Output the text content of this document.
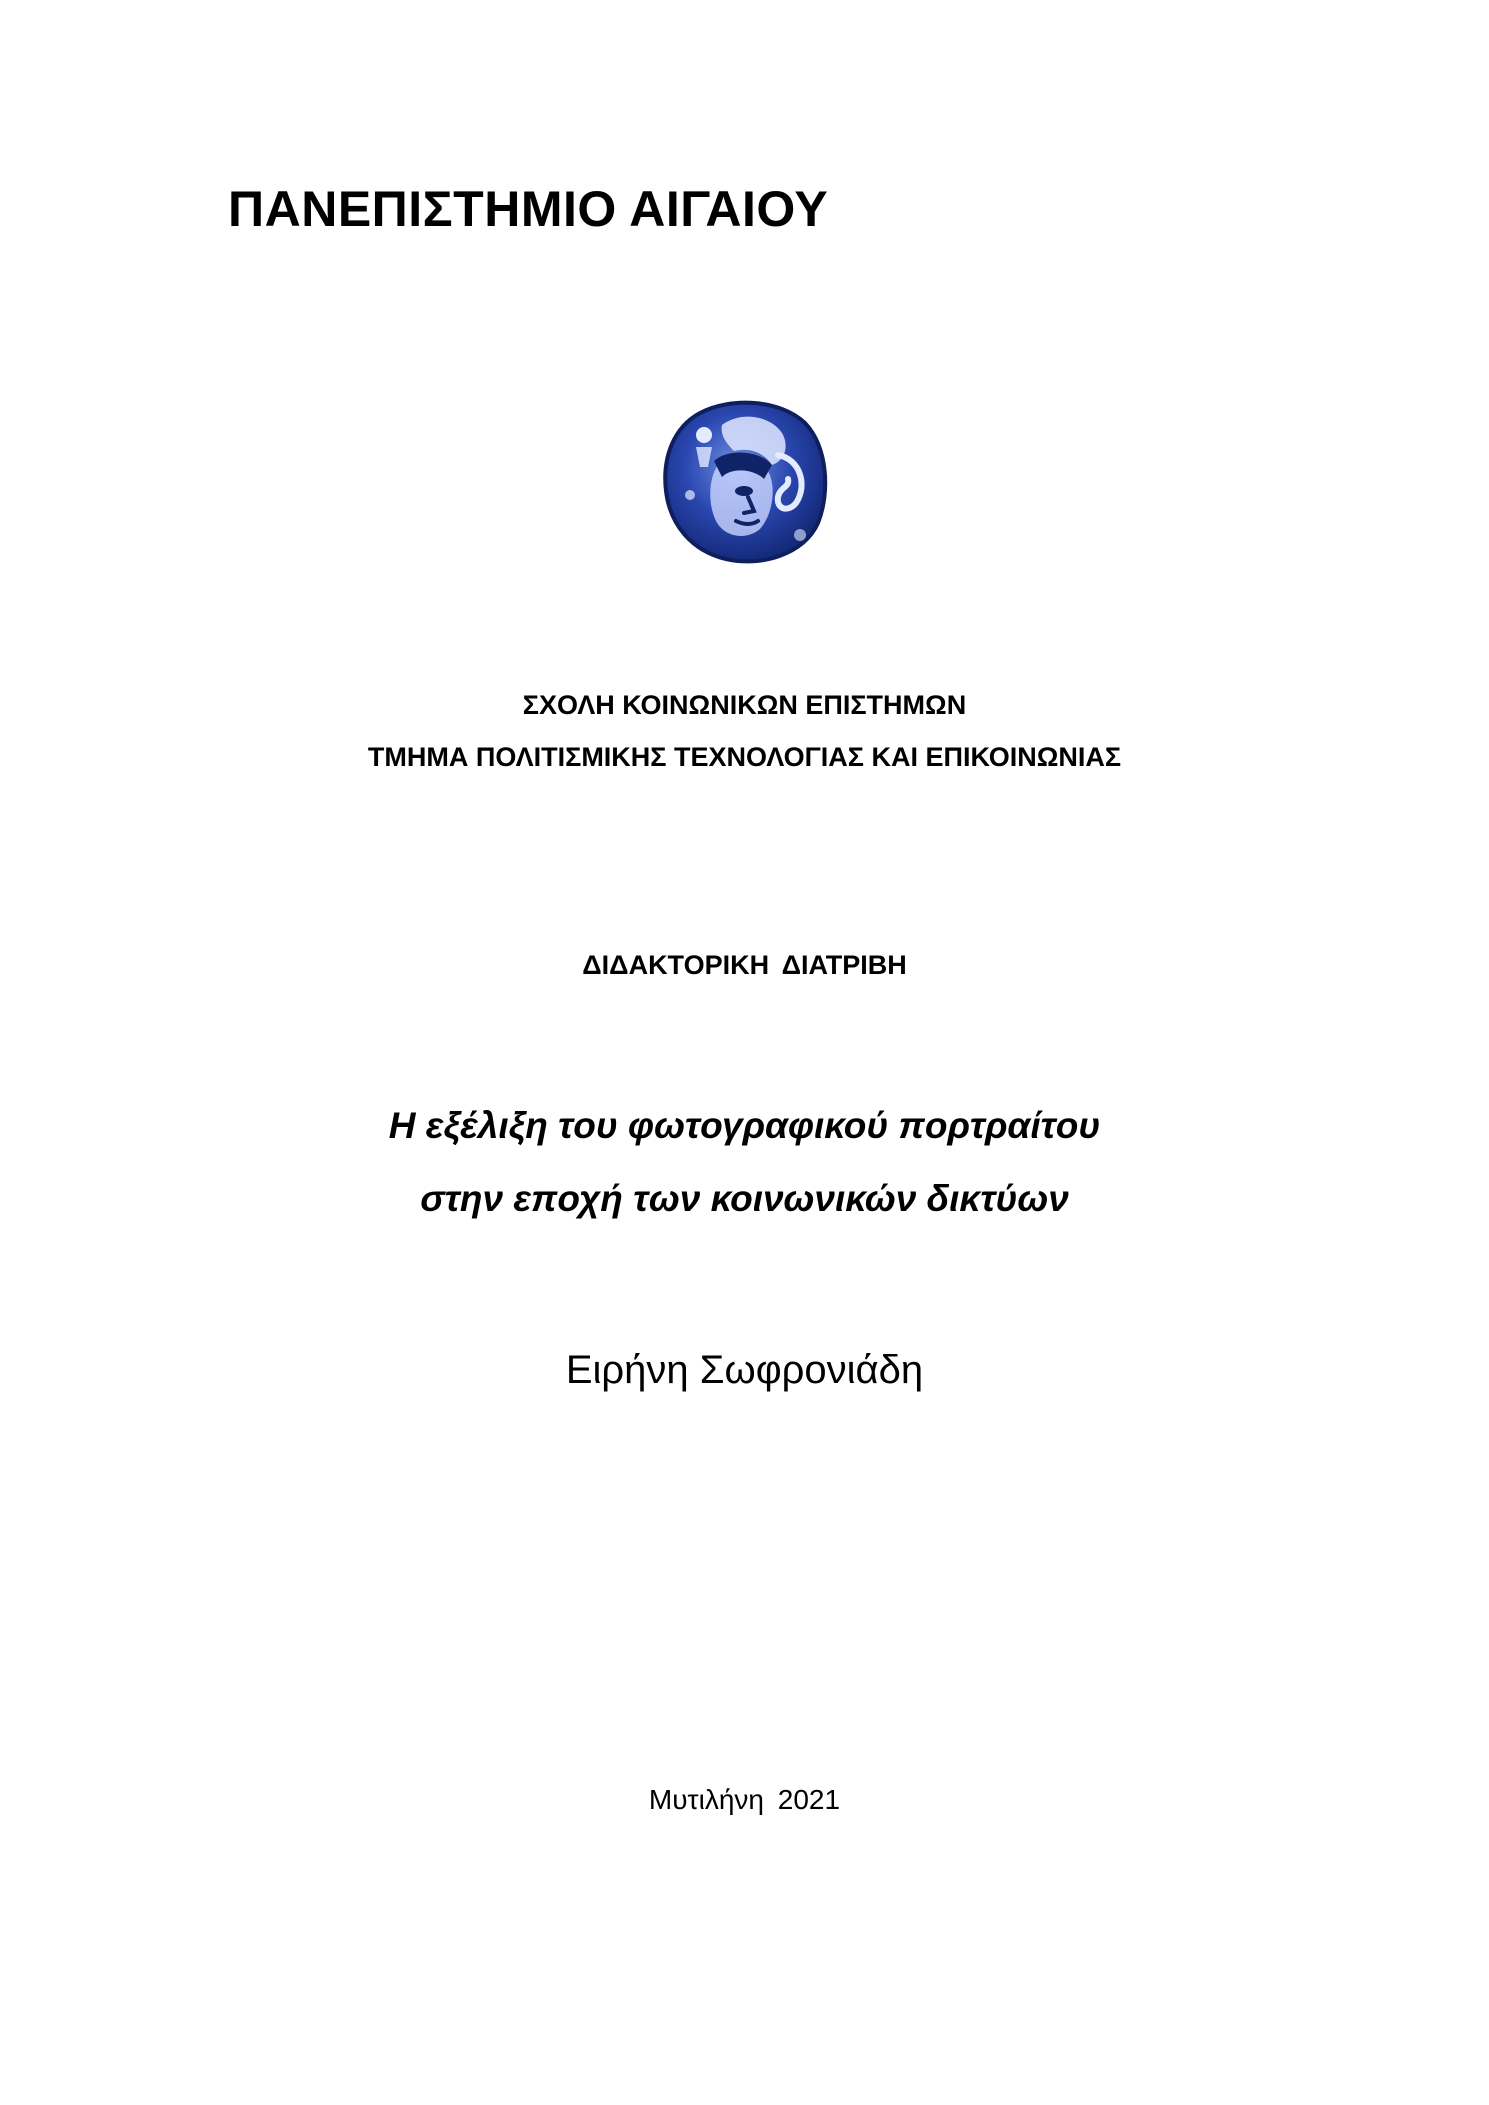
ΠΑΝΕΠΙΣΤΗΜΙΟ ΑΙΓΑΙΟΥ
ΣΧΟΛΗ ΚΟΙΝΩΝΙΚΩΝ ΕΠΙΣΤΗΜΩΝ
ΤΜΗΜΑ ΠΟΛΙΤΙΣΜΙΚΗΣ ΤΕΧΝΟΛΟΓΙΑΣ ΚΑΙ ΕΠΙΚΟΙΝΩΝΙΑΣ
ΔΙΔΑΚΤΟΡΙΚΗ ΔΙΑΤΡΙΒΗ
Η εξέλιξη του φωτογραφικού πορτραίτου
στην εποχή των κοινωνικών δικτύων
Ειρήνη Σωφρονιάδη
Μυτιλήνη 2021
